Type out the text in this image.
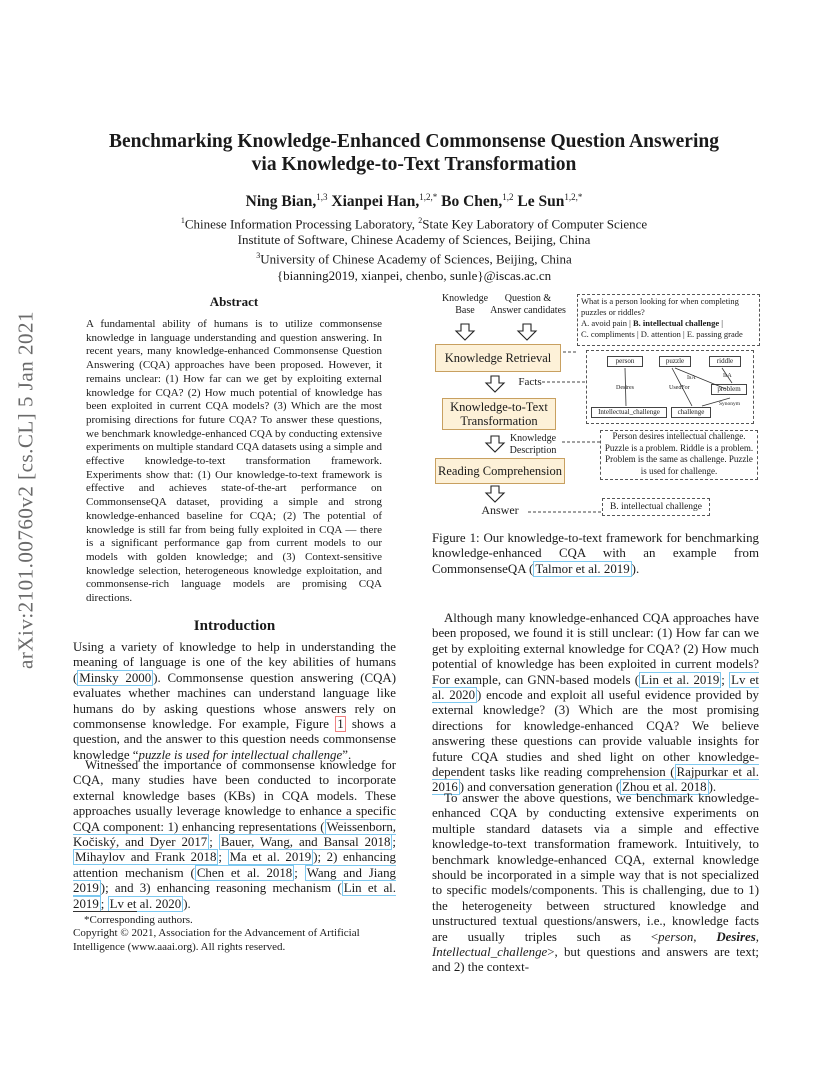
arXiv:2101.00760v2 [cs.CL] 5 Jan 2021
Benchmarking Knowledge-Enhanced Commonsense Question Answering
via Knowledge-to-Text Transformation
Ning Bian,$^{1,3}$ Xianpei Han,$^{1,2,*}$ Bo Chen,$^{1,2}$ Le Sun$^{1,2,*}$
$^1$Chinese Information Processing Laboratory, $^2$State Key Laboratory of Computer Science
Institute of Software, Chinese Academy of Sciences, Beijing, China
$^3$University of Chinese Academy of Sciences, Beijing, China
{bianning2019, xianpei, chenbo, sunle}@iscas.ac.cn
Abstract
A fundamental ability of humans is to utilize commonsense knowledge in language understanding and question answering. In recent years, many knowledge-enhanced Commonsense Question Answering (CQA) approaches have been proposed. However, it remains unclear: (1) How far can we get by exploiting external knowledge for CQA? (2) How much potential of knowledge has been exploited in current CQA models? (3) Which are the most promising directions for future CQA? To answer these questions, we benchmark knowledge-enhanced CQA by conducting extensive experiments on multiple standard CQA datasets using a simple and effective knowledge-to-text transformation framework. Experiments show that: (1) Our knowledge-to-text framework is effective and achieves state-of-the-art performance on CommonsenseQA dataset, providing a simple and strong knowledge-enhanced baseline for CQA; (2) The potential of knowledge is still far from being fully exploited in CQA — there is a significant performance gap from current models to our models with golden knowledge; and (3) Context-sensitive knowledge selection, heterogeneous knowledge exploitation, and commonsense-rich language models are promising CQA directions.
Introduction
Using a variety of knowledge to help in understanding the meaning of language is one of the key abilities of humans ( Minsky 2000 ). Commonsense question answering (CQA) evaluates whether machines can understand language like humans do by asking questions whose answers rely on commonsense knowledge. For example, Figure 1 shows a question, and the answer to this question needs commonsense knowledge “puzzle is used for intellectual challenge”.
Witnessed the importance of commonsense knowledge for CQA, many studies have been conducted to incorporate external knowledge bases (KBs) in CQA models. These approaches usually leverage knowledge to enhance a specific CQA component: 1) enhancing representations ( Weissenborn, Kočiský, and Dyer 2017 ; Bauer, Wang, and Bansal 2018 ; Mihaylov and Frank 2018 ; Ma et al. 2019 ); 2) enhancing attention mechanism ( Chen et al. 2018 ; Wang and Jiang 2019 ); and 3) enhancing reasoning mechanism ( Lin et al. 2019 ; Lv et al. 2020 ).
*Corresponding authors.
Copyright © 2021, Association for the Advancement of Artificial Intelligence (www.aaai.org). All rights reserved.
Knowledge
Base
Question &
Answer candidates
What is a person looking for when completing puzzles or riddles?
A. avoid pain | B. intellectual challenge |
C. compliments | D. attention | E. passing grade
Knowledge Retrieval
Facts
Knowledge-to-Text
Transformation
Knowledge
Description
Reading Comprehension
Answer
person	puzzle	riddle
Desires
IsA	IsA
UsedFor	problem
Synonym
Intellectual_challenge	challenge
Person desires intellectual challenge. Puzzle is a problem. Riddle is a problem. Problem is the same as challenge. Puzzle is used for challenge.
B. intellectual challenge
Figure 1: Our knowledge-to-text framework for benchmarking knowledge-enhanced CQA with an example from CommonsenseQA ( Talmor et al. 2019 ).
Although many knowledge-enhanced CQA approaches have been proposed, we found it is still unclear: (1) How far can we get by exploiting external knowledge for CQA? (2) How much potential of knowledge has been exploited in current models? For example, can GNN-based models ( Lin et al. 2019 ; Lv et al. 2020 ) encode and exploit all useful evidence provided by external knowledge? (3) Which are the most promising directions for knowledge-enhanced CQA? We believe answering these questions can provide valuable insights for future CQA studies and shed light on other knowledge-dependent tasks like reading comprehension ( Rajpurkar et al. 2016 ) and conversation generation ( Zhou et al. 2018 ).
To answer the above questions, we benchmark knowledge-enhanced CQA by conducting extensive experiments on multiple standard datasets via a simple and effective knowledge-to-text transformation framework. Intuitively, to benchmark knowledge-enhanced CQA, external knowledge should be incorporated in a simple way that is not specialized to specific models/components. This is challenging, due to 1) the heterogeneity between structured knowledge and unstructured textual questions/answers, i.e., knowledge facts are usually triples such as <person, Desires, Intellectual_challenge>, but questions and answers are text; and 2) the context-
